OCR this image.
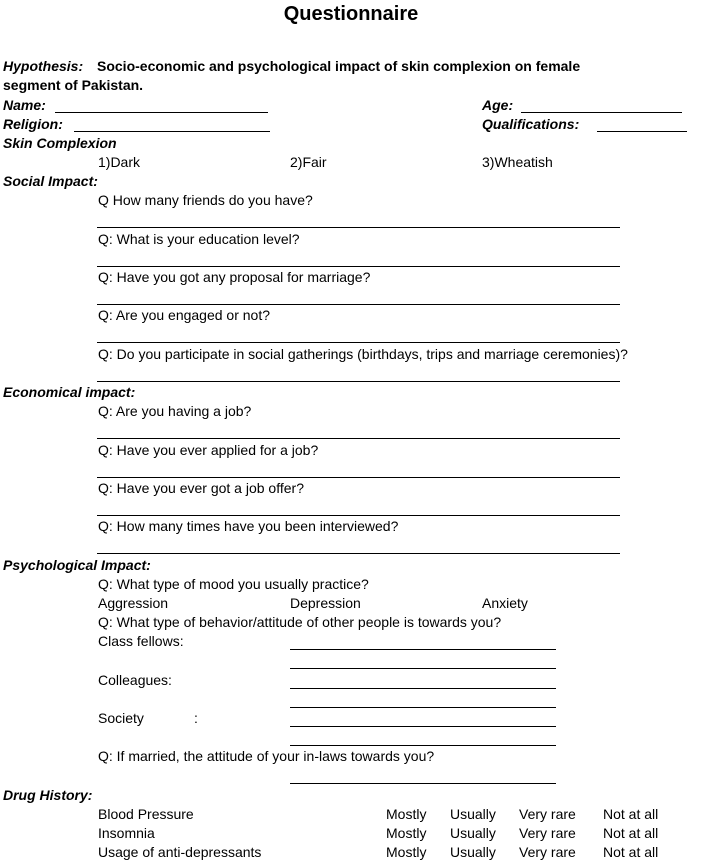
Questionnaire
Hypothesis: Socio-economic and psychological impact of skin complexion on female
segment of Pakistan.
Name:	Age:
Religion:	Qualifications:
Skin Complexion
1)Dark	2)Fair	3)Wheatish
Social Impact:
Q How many friends do you have?
Q: What is your education level?
Q: Have you got any proposal for marriage?
Q: Are you engaged or not?
Q: Do you participate in social gatherings (birthdays, trips and marriage ceremonies)?
Economical impact:
Q: Are you having a job?
Q: Have you ever applied for a job?
Q: Have you ever got a job offer?
Q: How many times have you been interviewed?
Psychological Impact:
Q: What type of mood you usually practice?
Aggression	Depression	Anxiety
Q: What type of behavior/attitude of other people is towards you?
Class fellows:
Colleagues:
Society	:
Q: If married, the attitude of your in-laws towards you?
Drug History:
Blood Pressure	Mostly Usually Very rare Not at all
Insomnia	Mostly Usually Very rare Not at all
Usage of anti-depressants	Mostly Usually Very rare Not at all
